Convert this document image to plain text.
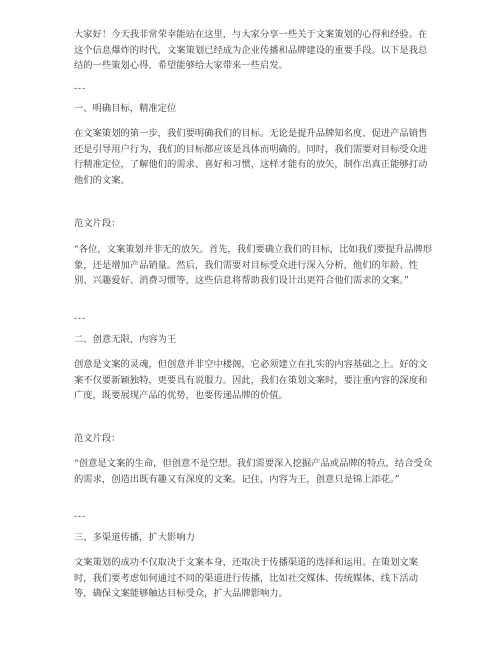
大家好！今天我非常荣幸能站在这里，与大家分享一些关于文案策划的心得和经验。在这个信息爆炸的时代，文案策划已经成为企业传播和品牌建设的重要手段。以下是我总结的一些策划心得，希望能够给大家带来一些启发。

---

一、明确目标，精准定位

在文案策划的第一步，我们要明确我们的目标。无论是提升品牌知名度、促进产品销售还是引导用户行为，我们的目标都应该是具体而明确的。同时，我们需要对目标受众进行精准定位，了解他们的需求、喜好和习惯，这样才能有的放矢，制作出真正能够打动他们的文案。

范文片段：

“各位，文案策划并非无的放矢。首先，我们要确立我们的目标，比如我们要提升品牌形象，还是增加产品销量。然后，我们需要对目标受众进行深入分析，他们的年龄、性别、兴趣爱好、消费习惯等，这些信息将帮助我们设计出更符合他们需求的文案。”

---

二、创意无限，内容为王

创意是文案的灵魂，但创意并非空中楼阁，它必须建立在扎实的内容基础之上。好的文案不仅要新颖独特，更要具有说服力。因此，我们在策划文案时，要注重内容的深度和广度，既要展现产品的优势，也要传递品牌的价值。

范文片段：

“创意是文案的生命，但创意不是空想。我们需要深入挖掘产品或品牌的特点，结合受众的需求，创造出既有趣又有深度的文案。记住，内容为王，创意只是锦上添花。”

---

三、多渠道传播，扩大影响力

文案策划的成功不仅取决于文案本身，还取决于传播渠道的选择和运用。在策划文案时，我们要考虑如何通过不同的渠道进行传播，比如社交媒体、传统媒体、线下活动等，确保文案能够触达目标受众，扩大品牌影响力。
